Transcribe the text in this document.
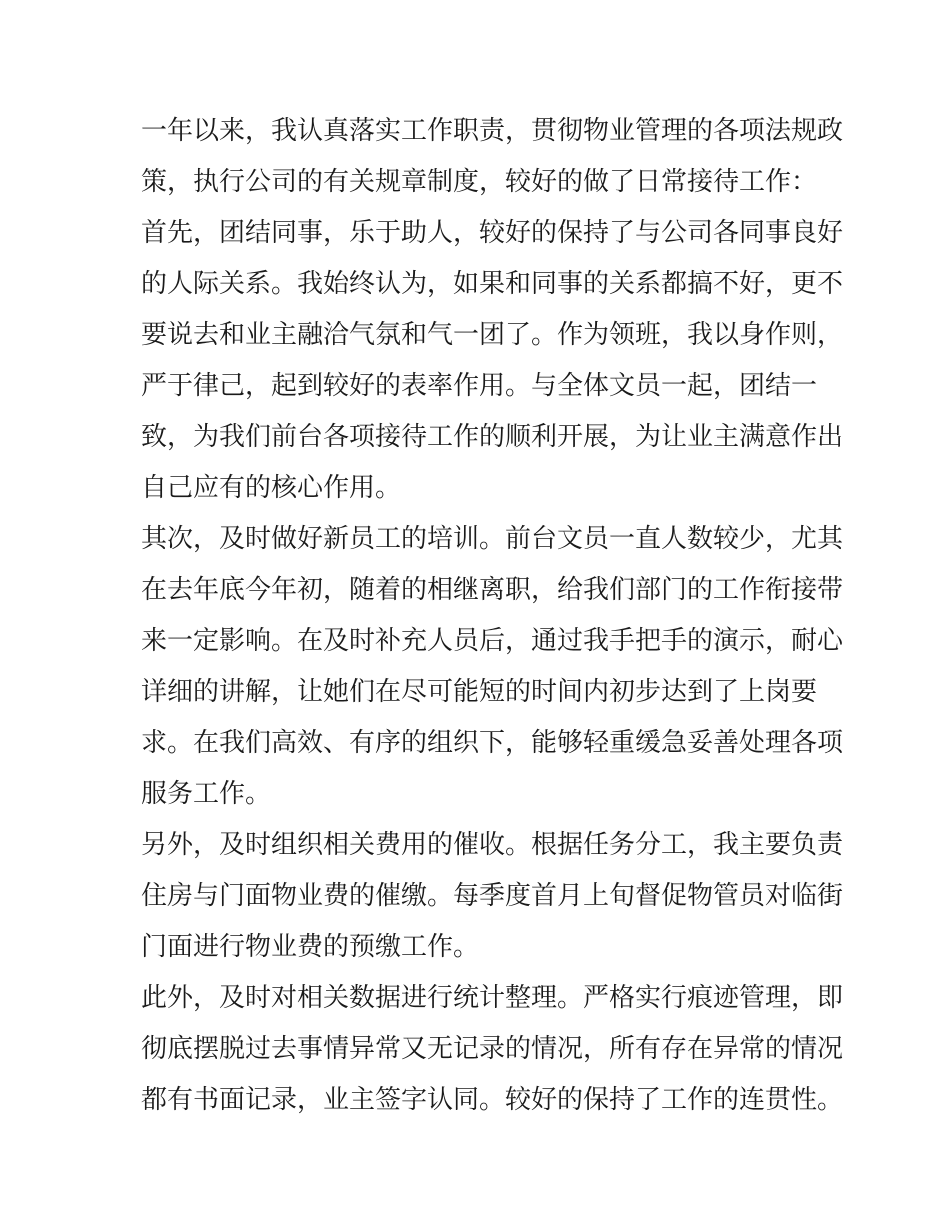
一年以来，我认真落实工作职责，贯彻物业管理的各项法规政
策，执行公司的有关规章制度，较好的做了日常接待工作：
首先，团结同事，乐于助人，较好的保持了与公司各同事良好
的人际关系。我始终认为，如果和同事的关系都搞不好，更不
要说去和业主融洽气氛和气一团了。作为领班，我以身作则，
严于律己，起到较好的表率作用。与全体文员一起，团结一
致，为我们前台各项接待工作的顺利开展，为让业主满意作出
自己应有的核心作用。
其次，及时做好新员工的培训。前台文员一直人数较少，尤其
在去年底今年初，随着的相继离职，给我们部门的工作衔接带
来一定影响。在及时补充人员后，通过我手把手的演示，耐心
详细的讲解，让她们在尽可能短的时间内初步达到了上岗要
求。在我们高效、有序的组织下，能够轻重缓急妥善处理各项
服务工作。
另外，及时组织相关费用的催收。根据任务分工，我主要负责
住房与门面物业费的催缴。每季度首月上旬督促物管员对临街
门面进行物业费的预缴工作。
此外，及时对相关数据进行统计整理。严格实行痕迹管理，即
彻底摆脱过去事情异常又无记录的情况，所有存在异常的情况
都有书面记录，业主签字认同。较好的保持了工作的连贯性。
